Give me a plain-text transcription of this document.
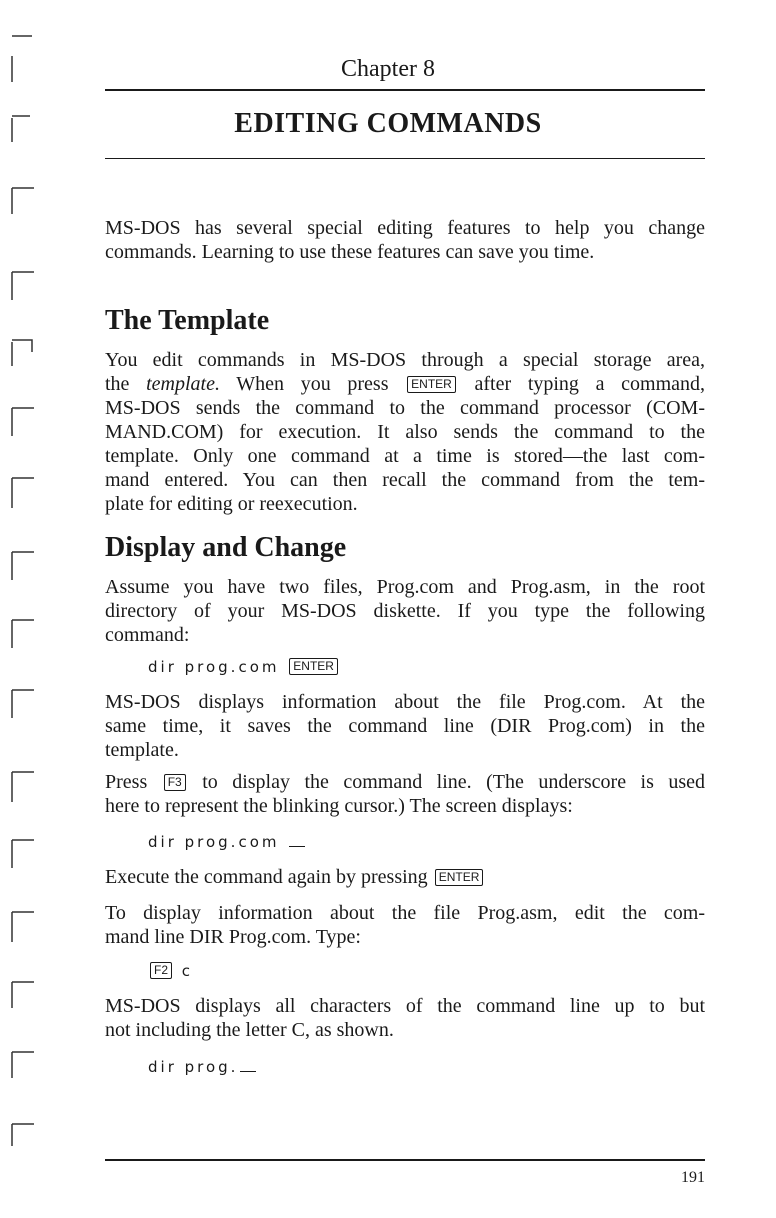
Chapter 8
EDITING COMMANDS

MS-DOS has several special editing features to help you change
commands. Learning to use these features can save you time.

The Template

You edit commands in MS-DOS through a special storage area,
the template. When you press ENTER after typing a command,
MS-DOS sends the command to the command processor (COM-
MAND.COM) for execution. It also sends the command to the
template. Only one command at a time is stored—the last com-
mand entered. You can then recall the command from the tem-
plate for editing or reexecution.

Display and Change

Assume you have two files, Prog.com and Prog.asm, in the root
directory of your MS-DOS diskette. If you type the following
command:

dir prog.com ENTER

MS-DOS displays information about the file Prog.com. At the
same time, it saves the command line (DIR Prog.com) in the
template.

Press F3 to display the command line. (The underscore is used
here to represent the blinking cursor.) The screen displays:

dir prog.com

Execute the command again by pressing ENTER

To display information about the file Prog.asm, edit the com-
mand line DIR Prog.com. Type:

F2 c

MS-DOS displays all characters of the command line up to but
not including the letter C, as shown.

dir prog.
191
